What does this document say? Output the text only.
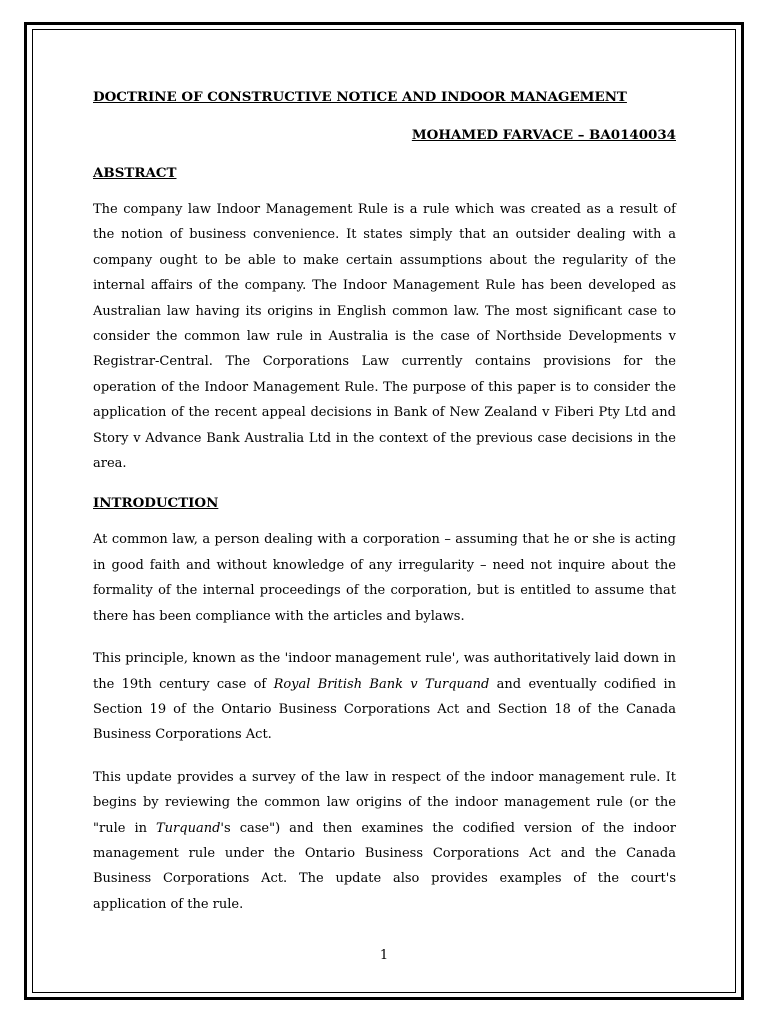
DOCTRINE OF CONSTRUCTIVE NOTICE AND INDOOR MANAGEMENT
MOHAMED FARVACE – BA0140034
ABSTRACT

The company law Indoor Management Rule is a rule which was created as a result of the notion of business convenience. It states simply that an outsider dealing with a company ought to be able to make certain assumptions about the regularity of the internal affairs of the company. The Indoor Management Rule has been developed as Australian law having its origins in English common law. The most significant case to consider the common law rule in Australia is the case of Northside Developments v Registrar-Central. The Corporations Law currently contains provisions for the operation of the Indoor Management Rule. The purpose of this paper is to consider the application of the recent appeal decisions in Bank of New Zealand v Fiberi Pty Ltd and Story v Advance Bank Australia Ltd in the context of the previous case decisions in the area.

INTRODUCTION

At common law, a person dealing with a corporation – assuming that he or she is acting in good faith and without knowledge of any irregularity – need not inquire about the formality of the internal proceedings of the corporation, but is entitled to assume that there has been compliance with the articles and bylaws.

This principle, known as the 'indoor management rule', was authoritatively laid down in the 19th century case of Royal British Bank v Turquand and eventually codified in Section 19 of the Ontario Business Corporations Act and Section 18 of the Canada Business Corporations Act.

This update provides a survey of the law in respect of the indoor management rule. It begins by reviewing the common law origins of the indoor management rule (or the "rule in Turquand's case") and then examines the codified version of the indoor management rule under the Ontario Business Corporations Act and the Canada Business Corporations Act. The update also provides examples of the court's application of the rule.

1
